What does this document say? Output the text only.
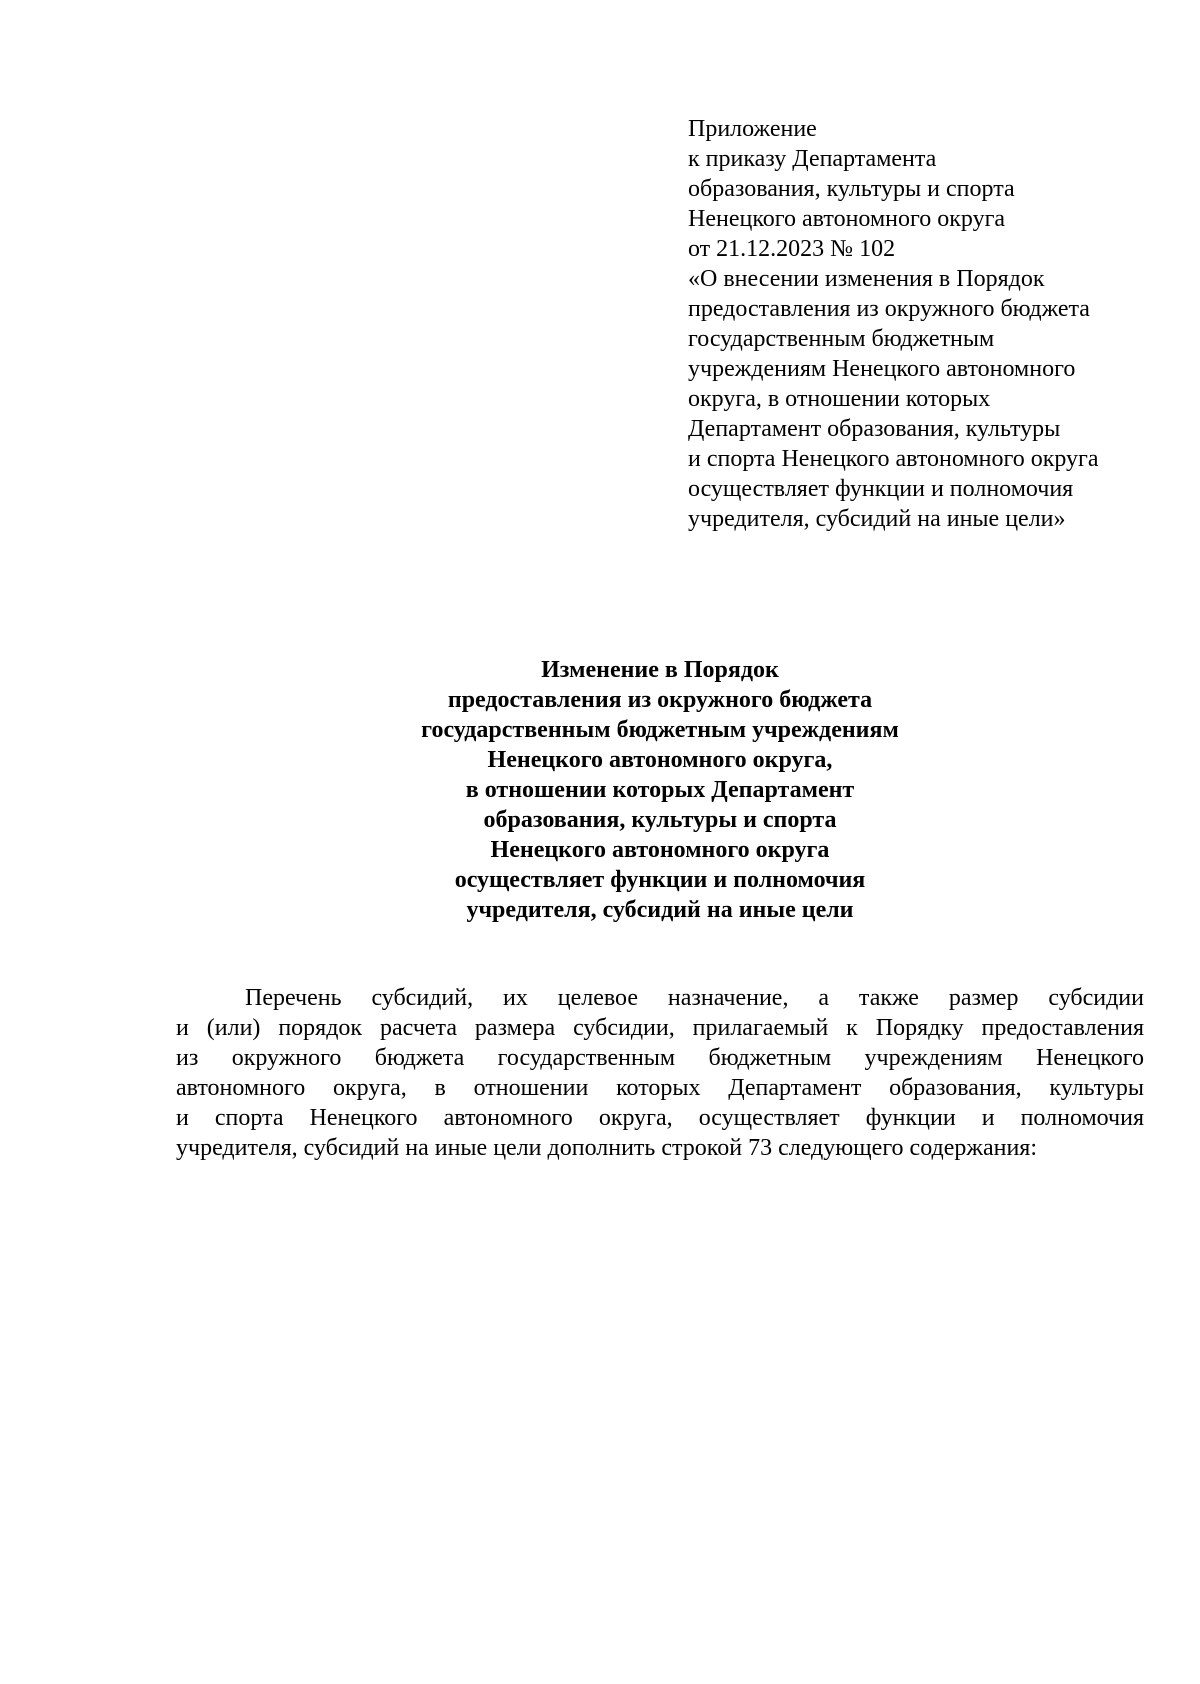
Приложение
к приказу Департамента
образования, культуры и спорта
Ненецкого автономного округа
от 21.12.2023 № 102
«О внесении изменения в Порядок
предоставления из окружного бюджета
государственным бюджетным
учреждениям Ненецкого автономного
округа, в отношении которых
Департамент образования, культуры
и спорта Ненецкого автономного округа
осуществляет функции и полномочия
учредителя, субсидий на иные цели»
Изменение в Порядок
предоставления из окружного бюджета
государственным бюджетным учреждениям
Ненецкого автономного округа,
в отношении которых Департамент
образования, культуры и спорта
Ненецкого автономного округа
осуществляет функции и полномочия
учредителя, субсидий на иные цели
Перечень субсидий, их целевое назначение, а также размер субсидии
и (или) порядок расчета размера субсидии, прилагаемый к Порядку предоставления
из окружного бюджета государственным бюджетным учреждениям Ненецкого
автономного округа, в отношении которых Департамент образования, культуры
и спорта Ненецкого автономного округа, осуществляет функции и полномочия
учредителя, субсидий на иные цели дополнить строкой 73 следующего содержания:
